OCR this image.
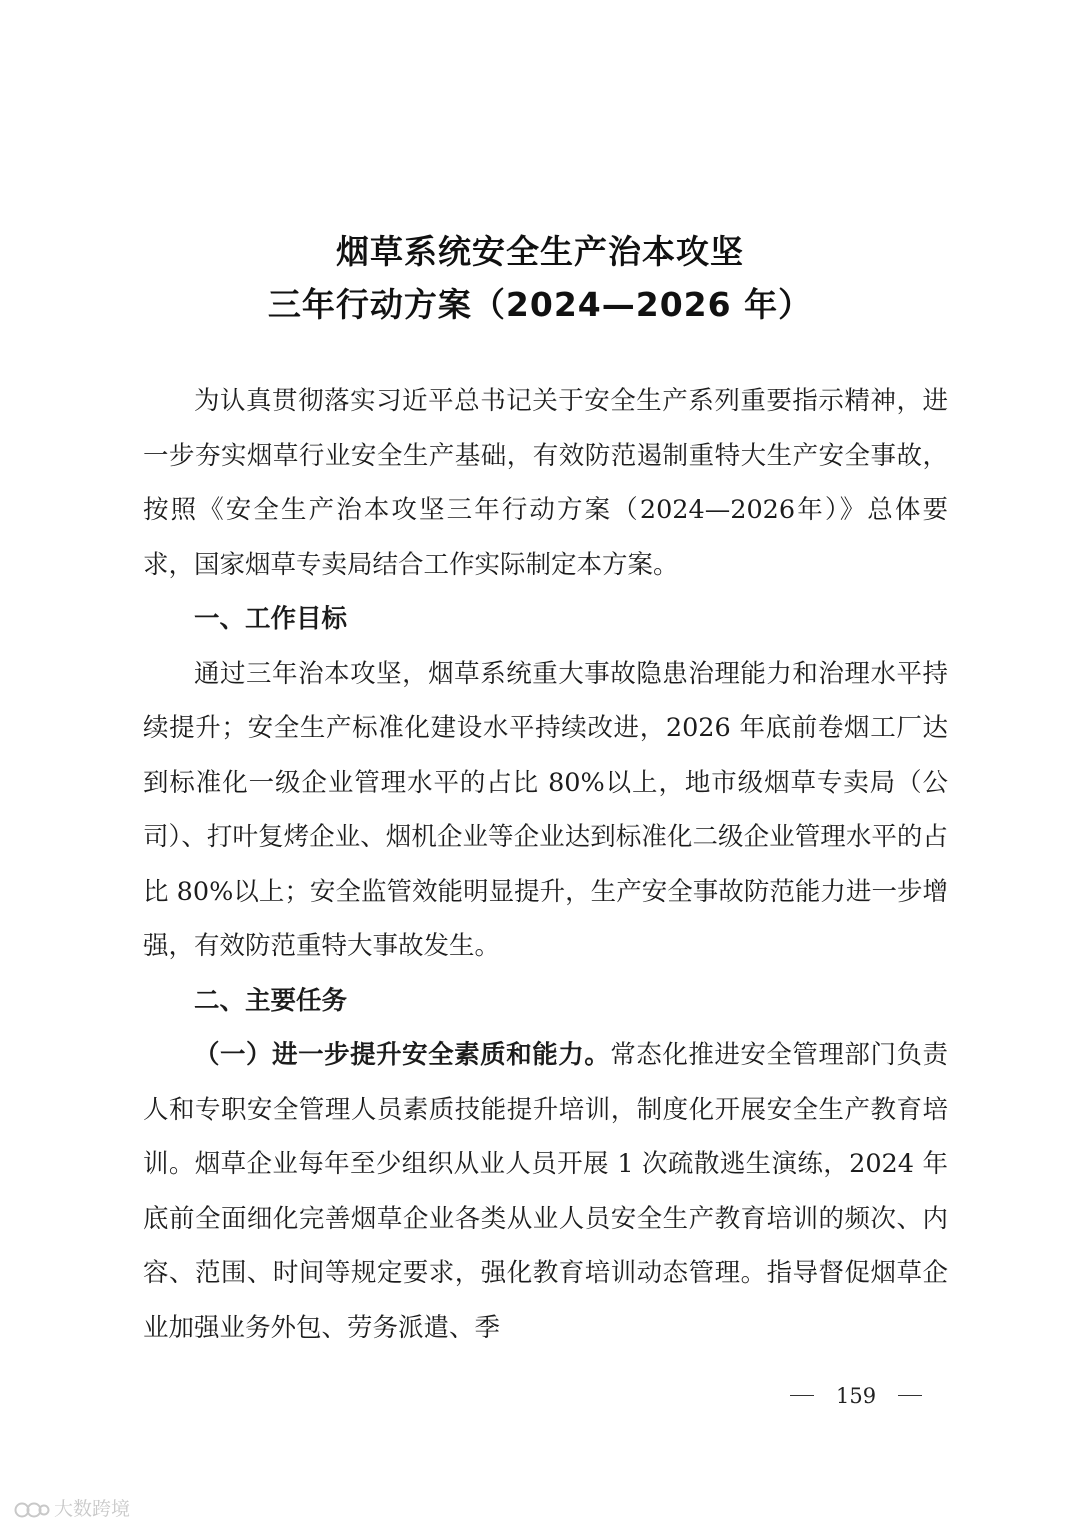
烟草系统安全生产治本攻坚
三年行动方案（2024—2026 年）

为认真贯彻落实习近平总书记关于安全生产系列重要指示精神，进一步夯实烟草行业安全生产基础，有效防范遏制重特大生产安全事故，按照《安全生产治本攻坚三年行动方案（2024—2026年）》总体要求，国家烟草专卖局结合工作实际制定本方案。

一、工作目标

通过三年治本攻坚，烟草系统重大事故隐患治理能力和治理水平持续提升；安全生产标准化建设水平持续改进，2026 年底前卷烟工厂达到标准化一级企业管理水平的占比 80%以上，地市级烟草专卖局（公司）、打叶复烤企业、烟机企业等企业达到标准化二级企业管理水平的占比 80%以上；安全监管效能明显提升，生产安全事故防范能力进一步增强，有效防范重特大事故发生。

二、主要任务

（一）进一步提升安全素质和能力。常态化推进安全管理部门负责人和专职安全管理人员素质技能提升培训，制度化开展安全生产教育培训。烟草企业每年至少组织从业人员开展 1 次疏散逃生演练，2024 年底前全面细化完善烟草企业各类从业人员安全生产教育培训的频次、内容、范围、时间等规定要求，强化教育培训动态管理。指导督促烟草企业加强业务外包、劳务派遣、季

159
大数跨境
